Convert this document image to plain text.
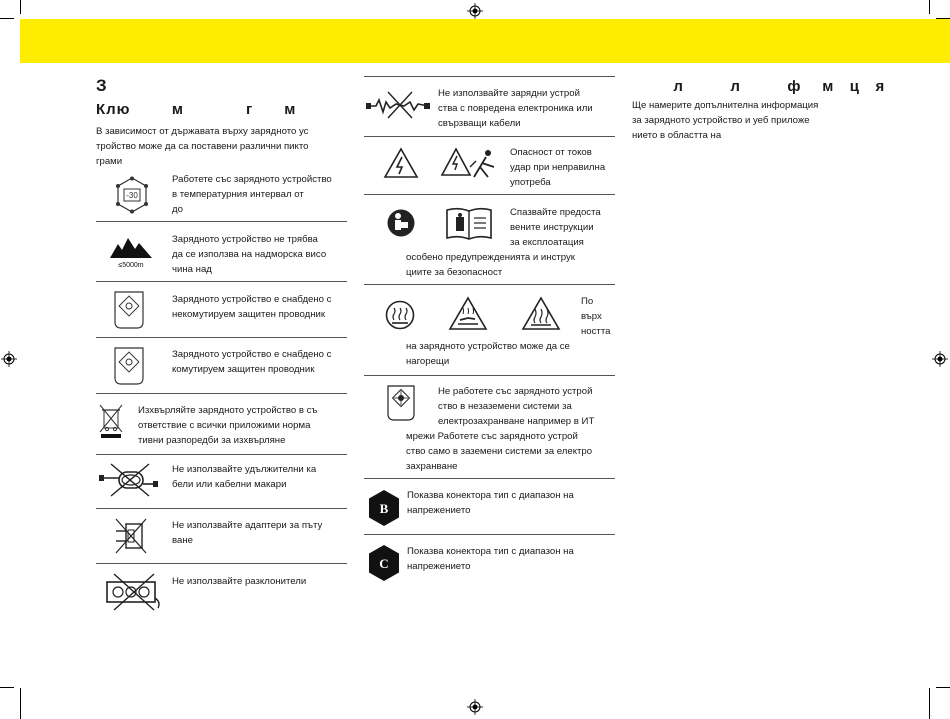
З
Клю        м            г      м
В зависимост от държавата върху зарядното ус
тройство може да са поставени различни пикто
грами
-30
Работете със зарядното устройство
в температурния интервал от
до
≤5000m
Зарядното устройство не трябва
да се използва на надморска висо
чина над
Зарядното устройство е снабдено с
некомутируем защитен проводник
Зарядното устройство е снабдено с
комутируем защитен проводник
Изхвърляйте зарядното устройство в съ
ответствие с всички приложими норма
тивни разпоредби за изхвърляне
Не използвайте удължителни ка
бели или кабелни макари
Не използвайте адаптери за пъту
ване
Не използвайте разклонители
Не използвайте зарядни устрой
ства с повредена електроника или
свързващи кабели
Опасност от токов
удар при неправилна
употреба
Спазвайте предоста
вените инструкции
за експлоатация
особено предупрежденията и инструк
циите за безопасност
По
върх
ността
на зарядното устройство може да се
нагорещи
Не работете със зарядното устрой
ство в незаземени системи за
електрозахранване например в ИТ
мрежи Работете със зарядното устрой
ство само в заземени системи за електро
захранване
B
Показва конектора тип с диапазон на
напрежението
C
Показва конектора тип с диапазон на
напрежението
л         л         ф    м   ц   я
Ще намерите допълнителна информация
за зарядното устройство и уеб приложе
нието в областта на
